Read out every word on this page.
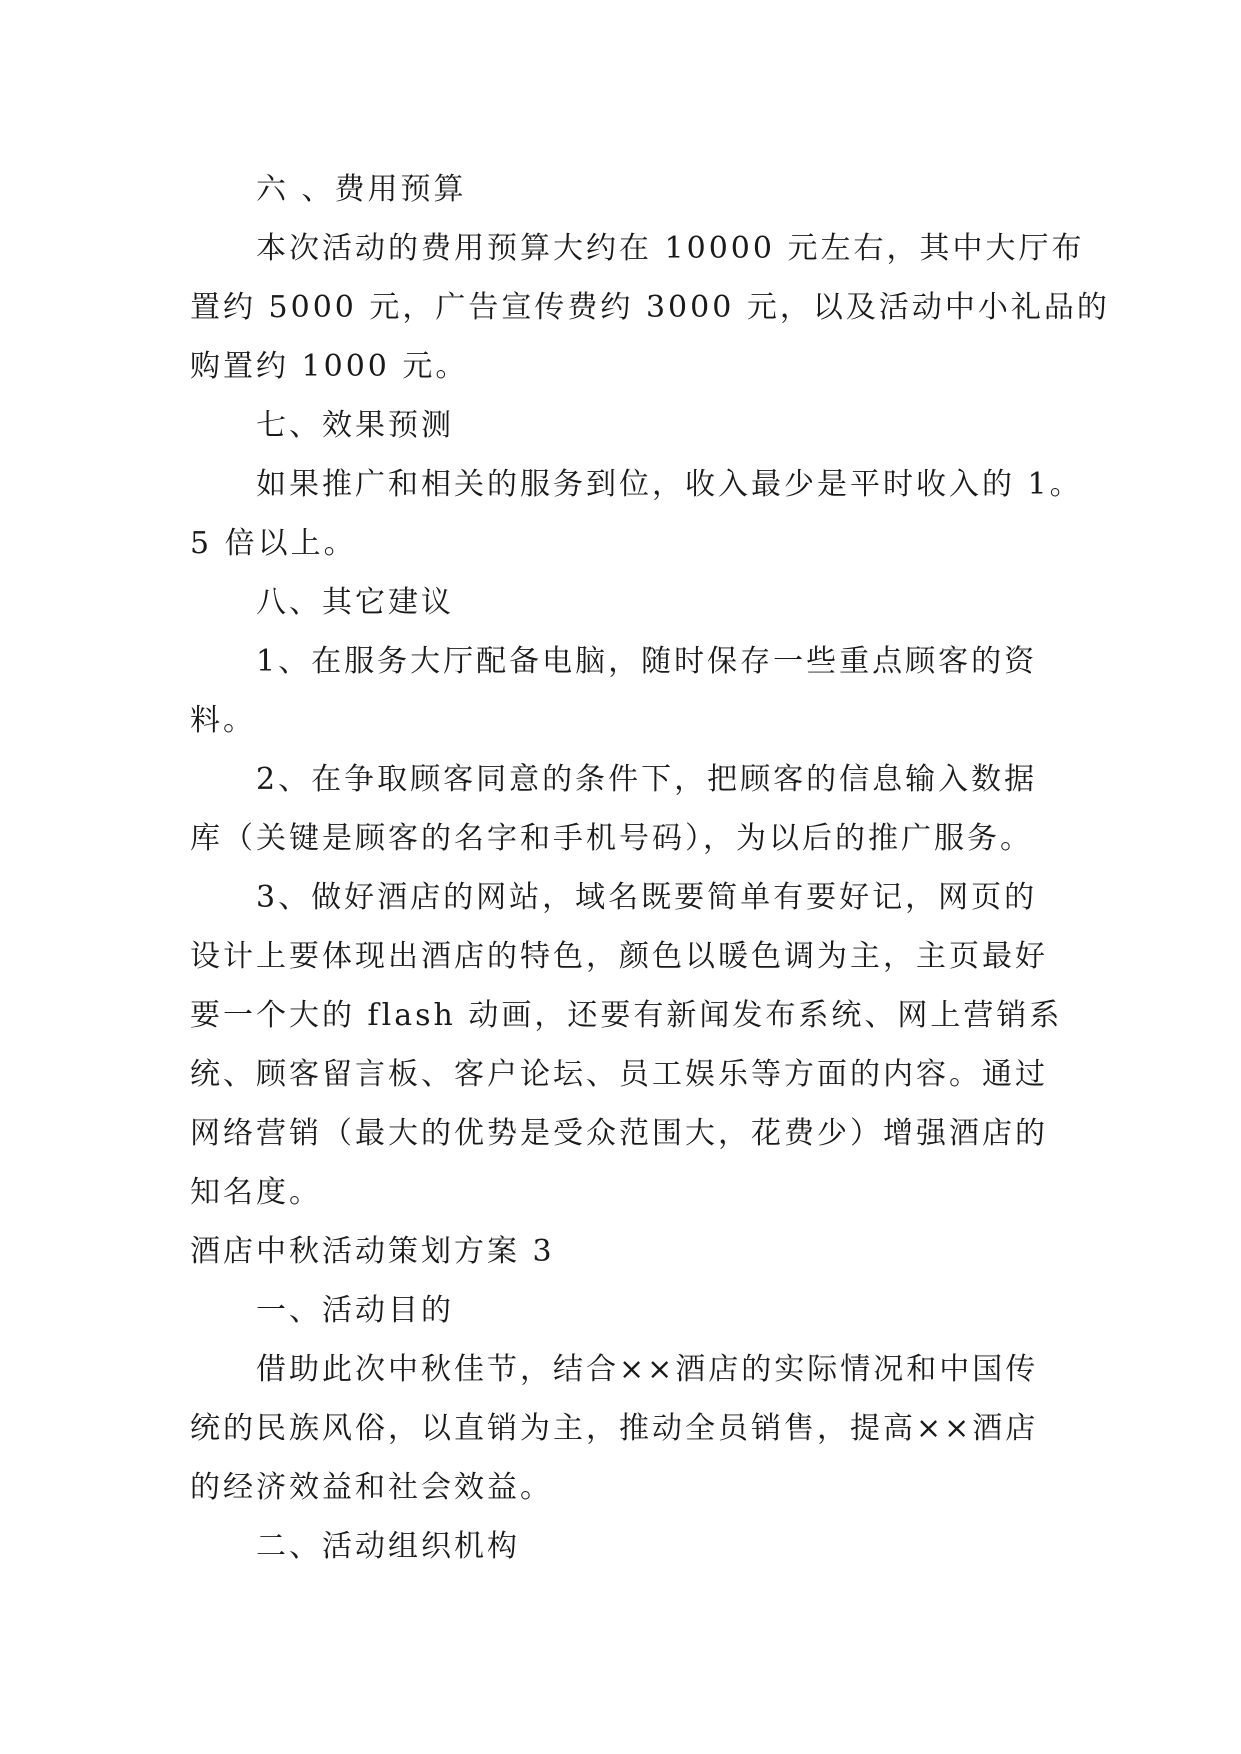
六 、费用预算
本次活动的费用预算大约在 10000 元左右，其中大厅布
置约 5000 元，广告宣传费约 3000 元，以及活动中小礼品的
购置约 1000 元。
七、效果预测
如果推广和相关的服务到位，收入最少是平时收入的 1。
5 倍以上。
八、其它建议
1、在服务大厅配备电脑，随时保存一些重点顾客的资
料。
2、在争取顾客同意的条件下，把顾客的信息输入数据
库（关键是顾客的名字和手机号码），为以后的推广服务。
3、做好酒店的网站，域名既要简单有要好记，网页的
设计上要体现出酒店的特色，颜色以暖色调为主，主页最好
要一个大的 flash 动画，还要有新闻发布系统、网上营销系
统、顾客留言板、客户论坛、员工娱乐等方面的内容。通过
网络营销（最大的优势是受众范围大，花费少）增强酒店的
知名度。
酒店中秋活动策划方案 3
一、活动目的
借助此次中秋佳节，结合××酒店的实际情况和中国传
统的民族风俗，以直销为主，推动全员销售，提高××酒店
的经济效益和社会效益。
二、活动组织机构
